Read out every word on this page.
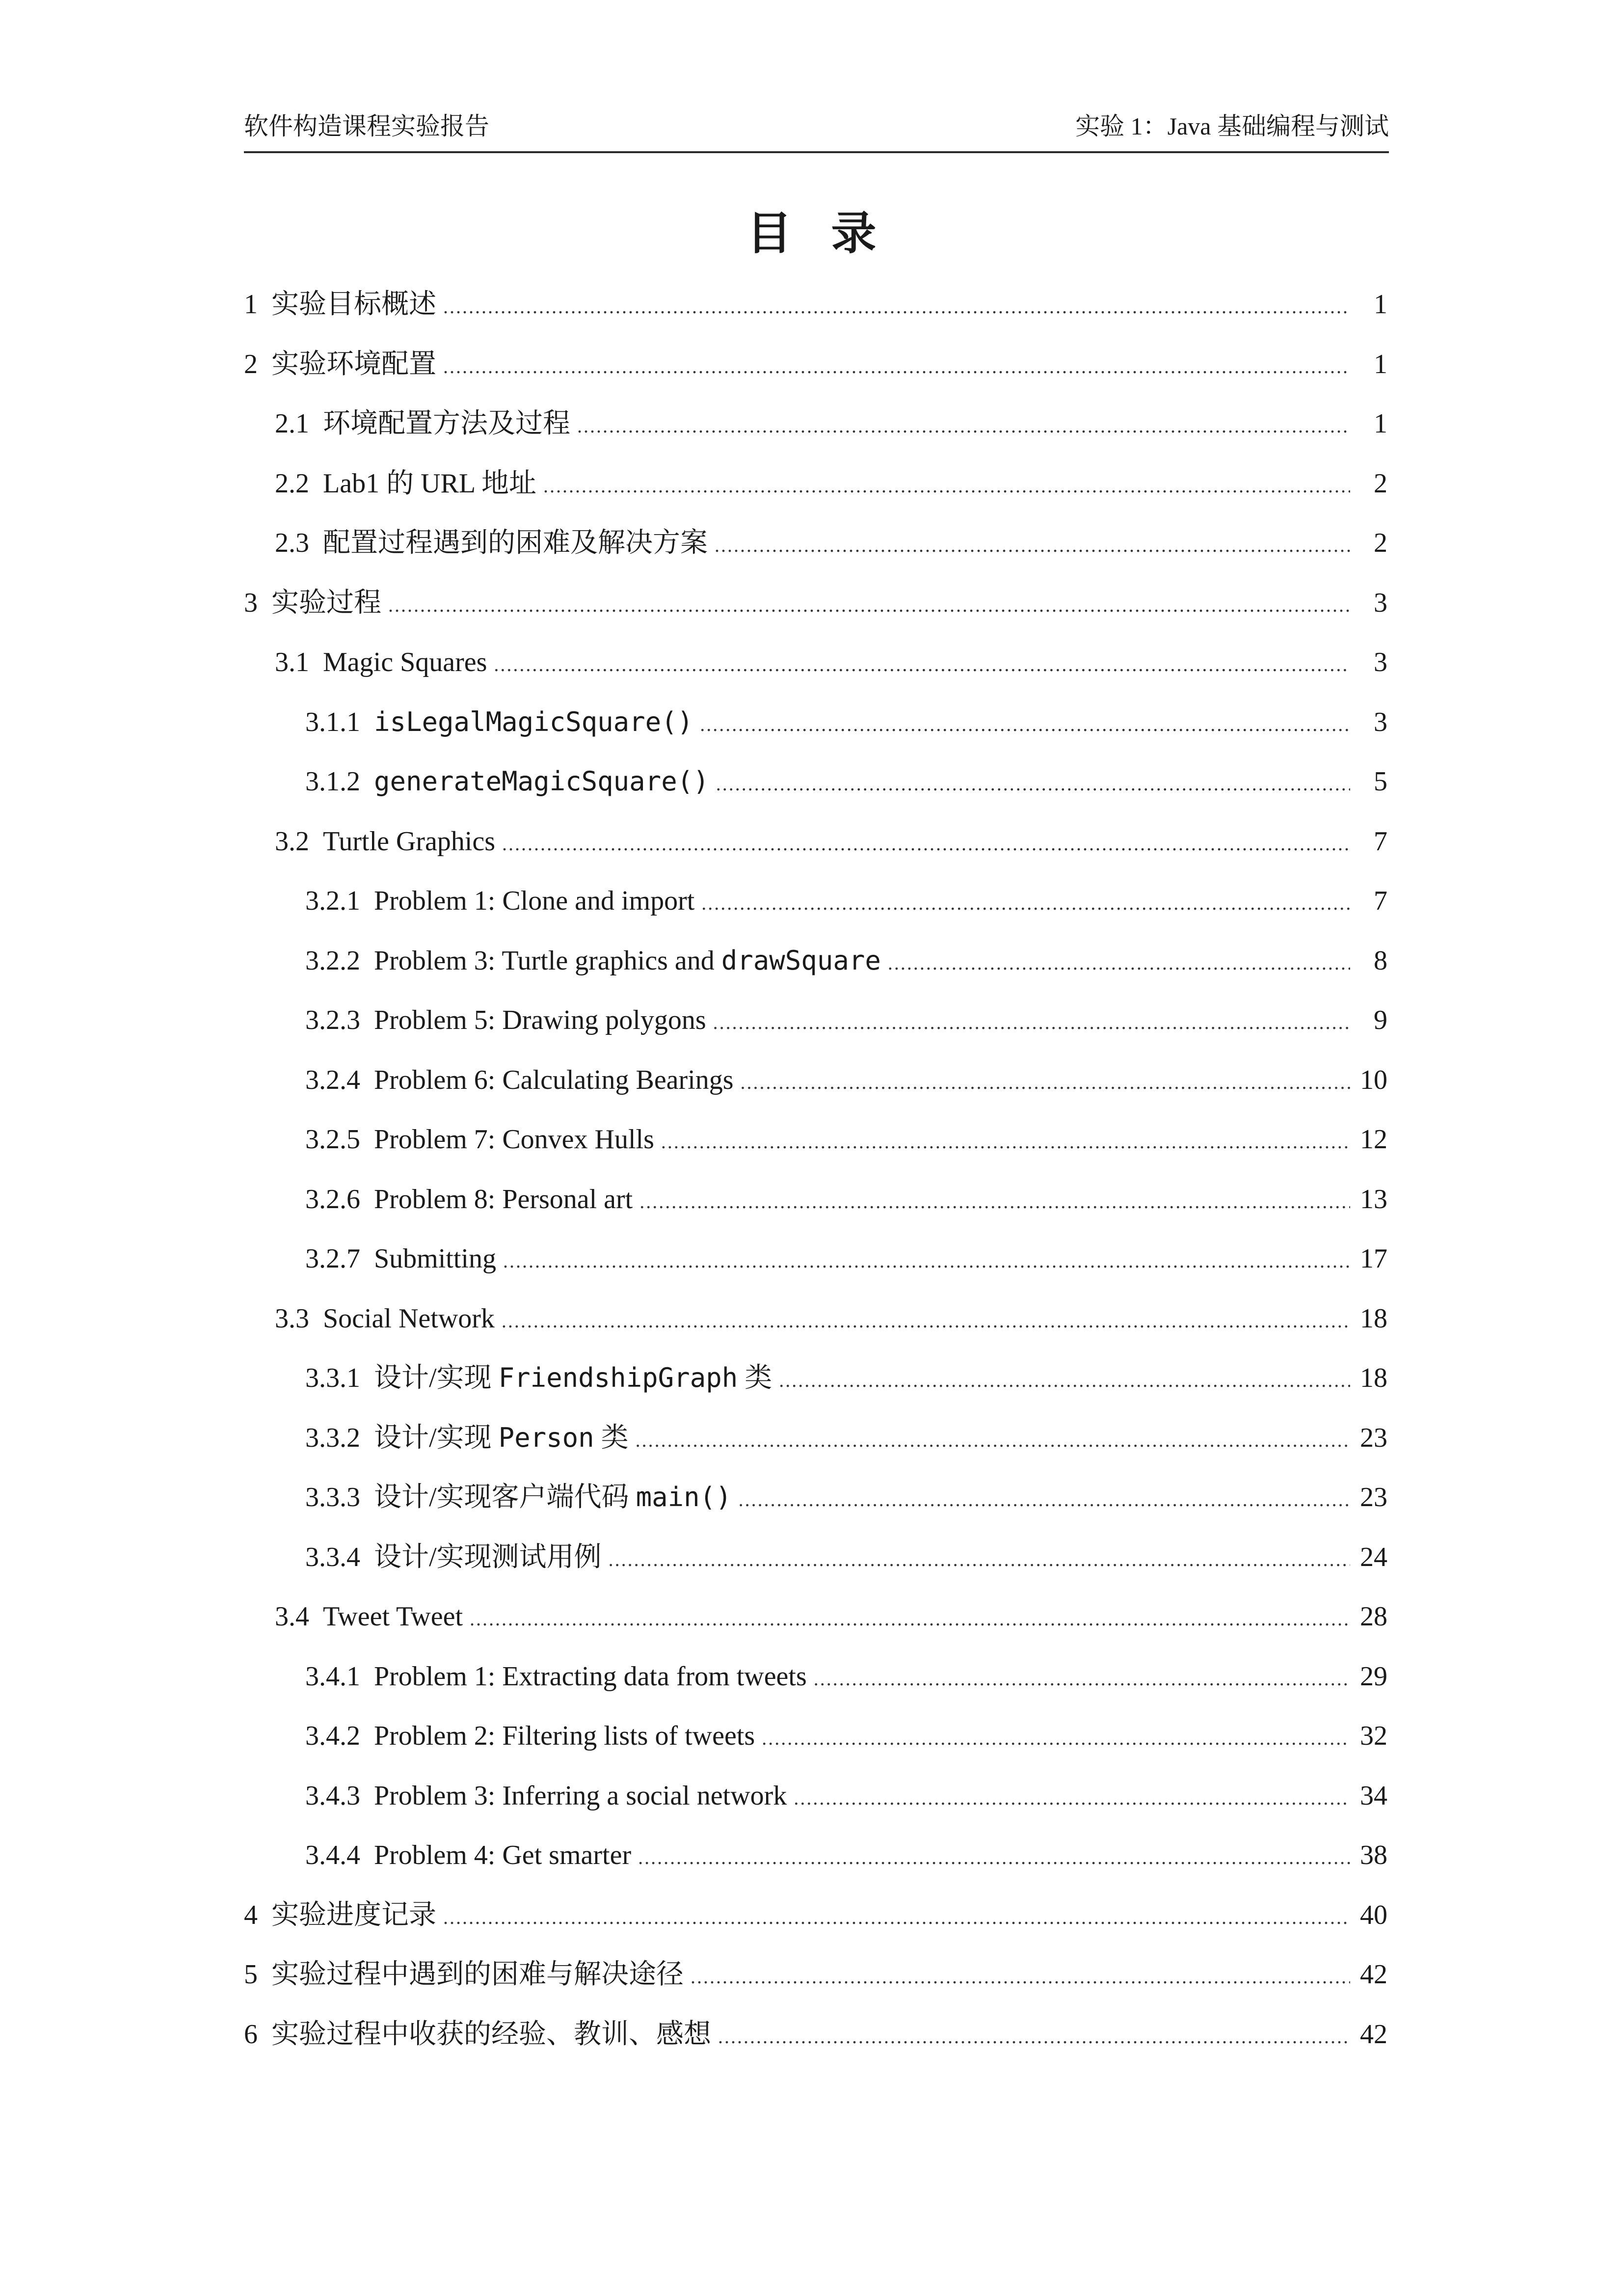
软件构造课程实验报告	实验 1：Java 基础编程与测试
目录
1 实验目标概述 .....	1
2 实验环境配置 .....	1
2.1 环境配置方法及过程 .....	1
2.2 Lab1 的 URL 地址 .....	2
2.3 配置过程遇到的困难及解决方案 .....	2
3 实验过程 .....	3
3.1 Magic Squares .....	3
3.1.1 isLegalMagicSquare() .....	3
3.1.2 generateMagicSquare() .....	5
3.2 Turtle Graphics .....	7
3.2.1 Problem 1: Clone and import .....	7
3.2.2 Problem 3: Turtle graphics and drawSquare .....	8
3.2.3 Problem 5: Drawing polygons .....	9
3.2.4 Problem 6: Calculating Bearings .....	10
3.2.5 Problem 7: Convex Hulls .....	12
3.2.6 Problem 8: Personal art .....	13
3.2.7 Submitting .....	17
3.3 Social Network .....	18
3.3.1 设计/实现 FriendshipGraph 类 .....	18
3.3.2 设计/实现 Person 类 .....	23
3.3.3 设计/实现客户端代码 main() .....	23
3.3.4 设计/实现测试用例 .....	24
3.4 Tweet Tweet .....	28
3.4.1 Problem 1: Extracting data from tweets .....	29
3.4.2 Problem 2: Filtering lists of tweets .....	32
3.4.3 Problem 3: Inferring a social network .....	34
3.4.4 Problem 4: Get smarter .....	38
4 实验进度记录 .....	40
5 实验过程中遇到的困难与解决途径 .....	42
6 实验过程中收获的经验、教训、感想 .....	42
